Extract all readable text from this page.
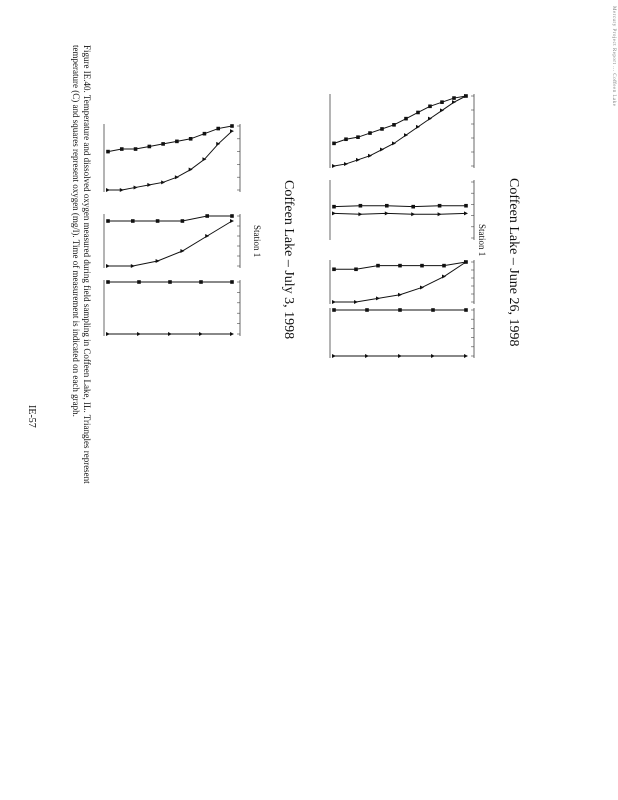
Mercury Project Report ... Coffeen Lake
Coffeen Lake – June 26, 1998
Coffeen Lake – July 3, 1998	Station 1
Station 1
Figure IE.40. Temperature and dissolved oxygen measured during field sampling in Coffeen Lake, IL. Triangles represent
temperature (C) and squares represent oxygen (mg/l). Time of measurement is indicated on each graph.
IE-57
